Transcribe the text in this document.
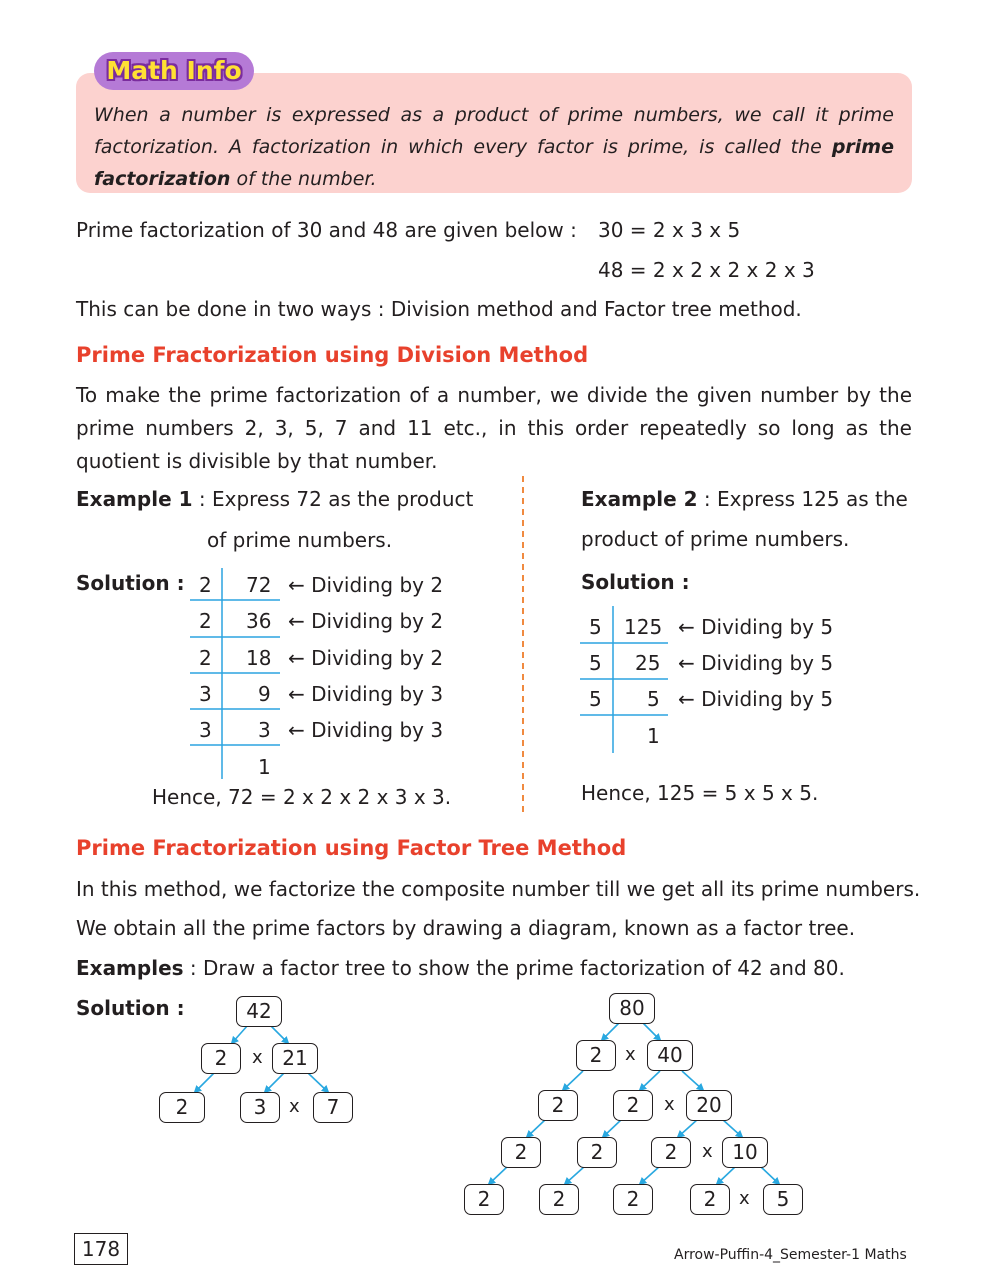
Math Info
When a number is expressed as a product of prime numbers, we call it prime factorization. A factorization in which every factor is prime, is called the prime factorization of the number.
Prime factorization of 30 and 48 are given below : 30 = 2 x 3 x 5
48 = 2 x 2 x 2 x 2 x 3
This can be done in two ways : Division method and Factor tree method.
Prime Fractorization using Division Method
To make the prime factorization of a number, we divide the given number by the prime numbers 2, 3, 5, 7 and 11 etc., in this order repeatedly so long as the quotient is divisible by that number.
Example 1 : Express 72 as the product
of prime numbers.
Solution : 2 72 ← Dividing by 2
2 36 ← Dividing by 2
2 18 ← Dividing by 2
3 9 ← Dividing by 3
3 3 ← Dividing by 3
1
Hence, 72 = 2 x 2 x 2 x 3 x 3.
Example 2 : Express 125 as the
product of prime numbers.
Solution :
5 125 ← Dividing by 5
5 25 ← Dividing by 5
5 5 ← Dividing by 5
1
Hence, 125 = 5 x 5 x 5.
Prime Fractorization using Factor Tree Method
In this method, we factorize the composite number till we get all its prime numbers.
We obtain all the prime factors by drawing a diagram, known as a factor tree.
Examples : Draw a factor tree to show the prime factorization of 42 and 80.
Solution :	42
2	x 21
2	3	x	7
80
2	x	40
2	2	x	20
2	2	2	x 10
2	2	2	2	x	5
178	Arrow-Puffin-4_Semester-1 Maths
